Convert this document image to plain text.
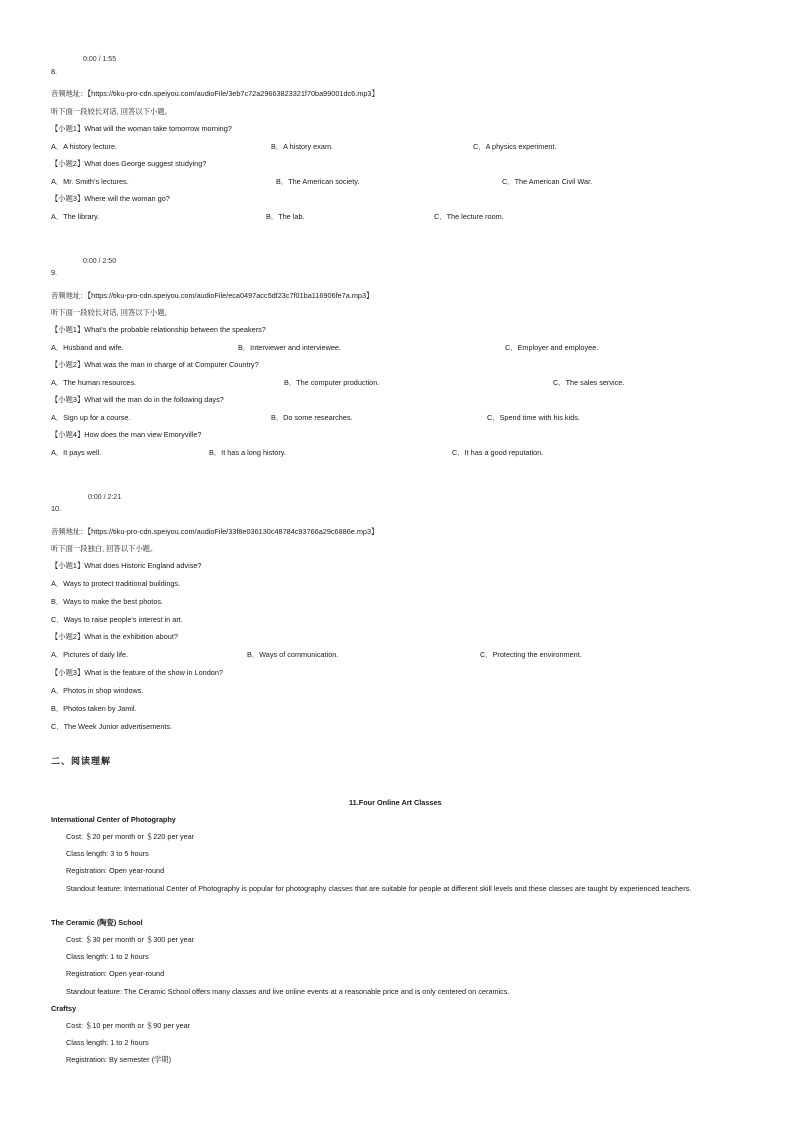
0:00 / 1:55
8.
音频地址：【https://tiku-pro-cdn.speiyou.com/audioFile/3eb7c72a29663823321f70ba99001dc6.mp3】
听下面一段较长对话, 回答以下小题。
【小题1】What will the woman take tomorrow morning?
A．A history lecture.	B．A history exam.	C．A physics experiment.
【小题2】What does George suggest studying?
A．Mr. Smith’s lectures.	B．The American society.	C．The American Civil War.
【小题3】Where will the woman go?
A．The library.	B．The lab.	C．The lecture room.
0:00 / 2:50
9.
音频地址：【https://tiku-pro-cdn.speiyou.com/audioFile/eca0497acc5df23c7f01ba116906fe7a.mp3】
听下面一段较长对话, 回答以下小题。
【小题1】What’s the probable relationship between the speakers?
A．Husband and wife.	B．Interviewer and interviewee.	C．Employer and employee.
【小题2】What was the man in charge of at Computer Country?
A．The human resources.	B．The computer production.	C．The sales service.
【小题3】What will the man do in the following days?
A．Sign up for a course.	B．Do some researches.	C．Spend time with his kids.
【小题4】How does the man view Emoryville?
A．It pays well.	B．It has a long history.	C．It has a good reputation.
0:00 / 2:21
10.
音频地址：【https://tiku-pro-cdn.speiyou.com/audioFile/33f8e036130c48784c93766a29c6886e.mp3】
听下面一段独白, 回答以下小题。
【小题1】What does Historic England advise?
A．Ways to protect traditional buildings.
B．Ways to make the best photos.
C．Ways to raise people’s interest in art.
【小题2】What is the exhibition about?
A．Pictures of daily life.	B．Ways of communication.	C．Protecting the environment.
【小题3】What is the feature of the show in London?
A．Photos in shop windows.
B．Photos taken by Jamil.
C．The Week Junior advertisements.
二、阅读理解
11.Four Online Art Classes
International Center of Photography
Cost: ＄20 per month or ＄220 per year
Class length: 3 to 5 hours
Registration: Open year-round
Standout feature: International Center of Photography is popular for photography classes that are suitable for people at different skill levels and these classes are taught by experienced teachers.
The Ceramic (陶瓷) School
Cost: ＄30 per month or ＄300 per year
Class length: 1 to 2 hours
Registration: Open year-round
Standout feature: The Ceramic School offers many classes and live online events at a reasonable price and is only centered on ceramics.
Craftsy
Cost: ＄10 per month or ＄90 per year
Class length: 1 to 2 hours
Registration: By semester (学期)
